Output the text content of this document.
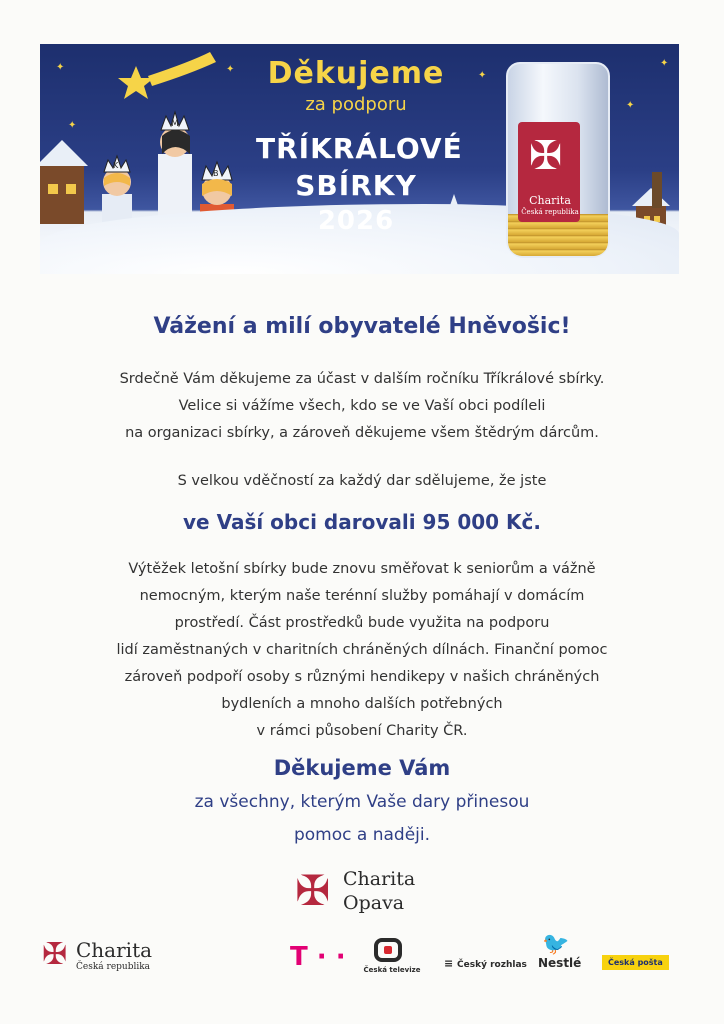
M
K
B
✦	✦
✦
✦
✦
✦
Děkujeme
za podporu
TŘÍKRÁLOVÉ
SBÍRKY
2026
✠
Charita
Česká republika
Vážení a milí obyvatelé Hněvošic!
Srdečně Vám děkujeme za účast v dalším ročníku Tříkrálové sbírky.
Velice si vážíme všech, kdo se ve Vaší obci podíleli
na organizaci sbírky, a zároveň děkujeme všem štědrým dárcům.
S velkou vděčností za každý dar sdělujeme, že jste
ve Vaší obci darovali 95 000 Kč.
Výtěžek letošní sbírky bude znovu směřovat k seniorům a vážně
nemocným, kterým naše terénní služby pomáhají v domácím
prostředí. Část prostředků bude využita na podporu
lidí zaměstnaných v charitních chráněných dílnách. Finanční pomoc
zároveň podpoří osoby s různými hendikepy v našich chráněných
bydleních a mnoho dalších potřebných
v rámci působení Charity ČR.
Děkujeme Vám
za všechny, kterým Vaše dary přinesou
pomoc a naději.
✠ Charita
Opava
✠ Charita
Česká republika	T · ·	Česká televize ≡ Český rozhlas
🐦
Nestlé	Česká pošta
